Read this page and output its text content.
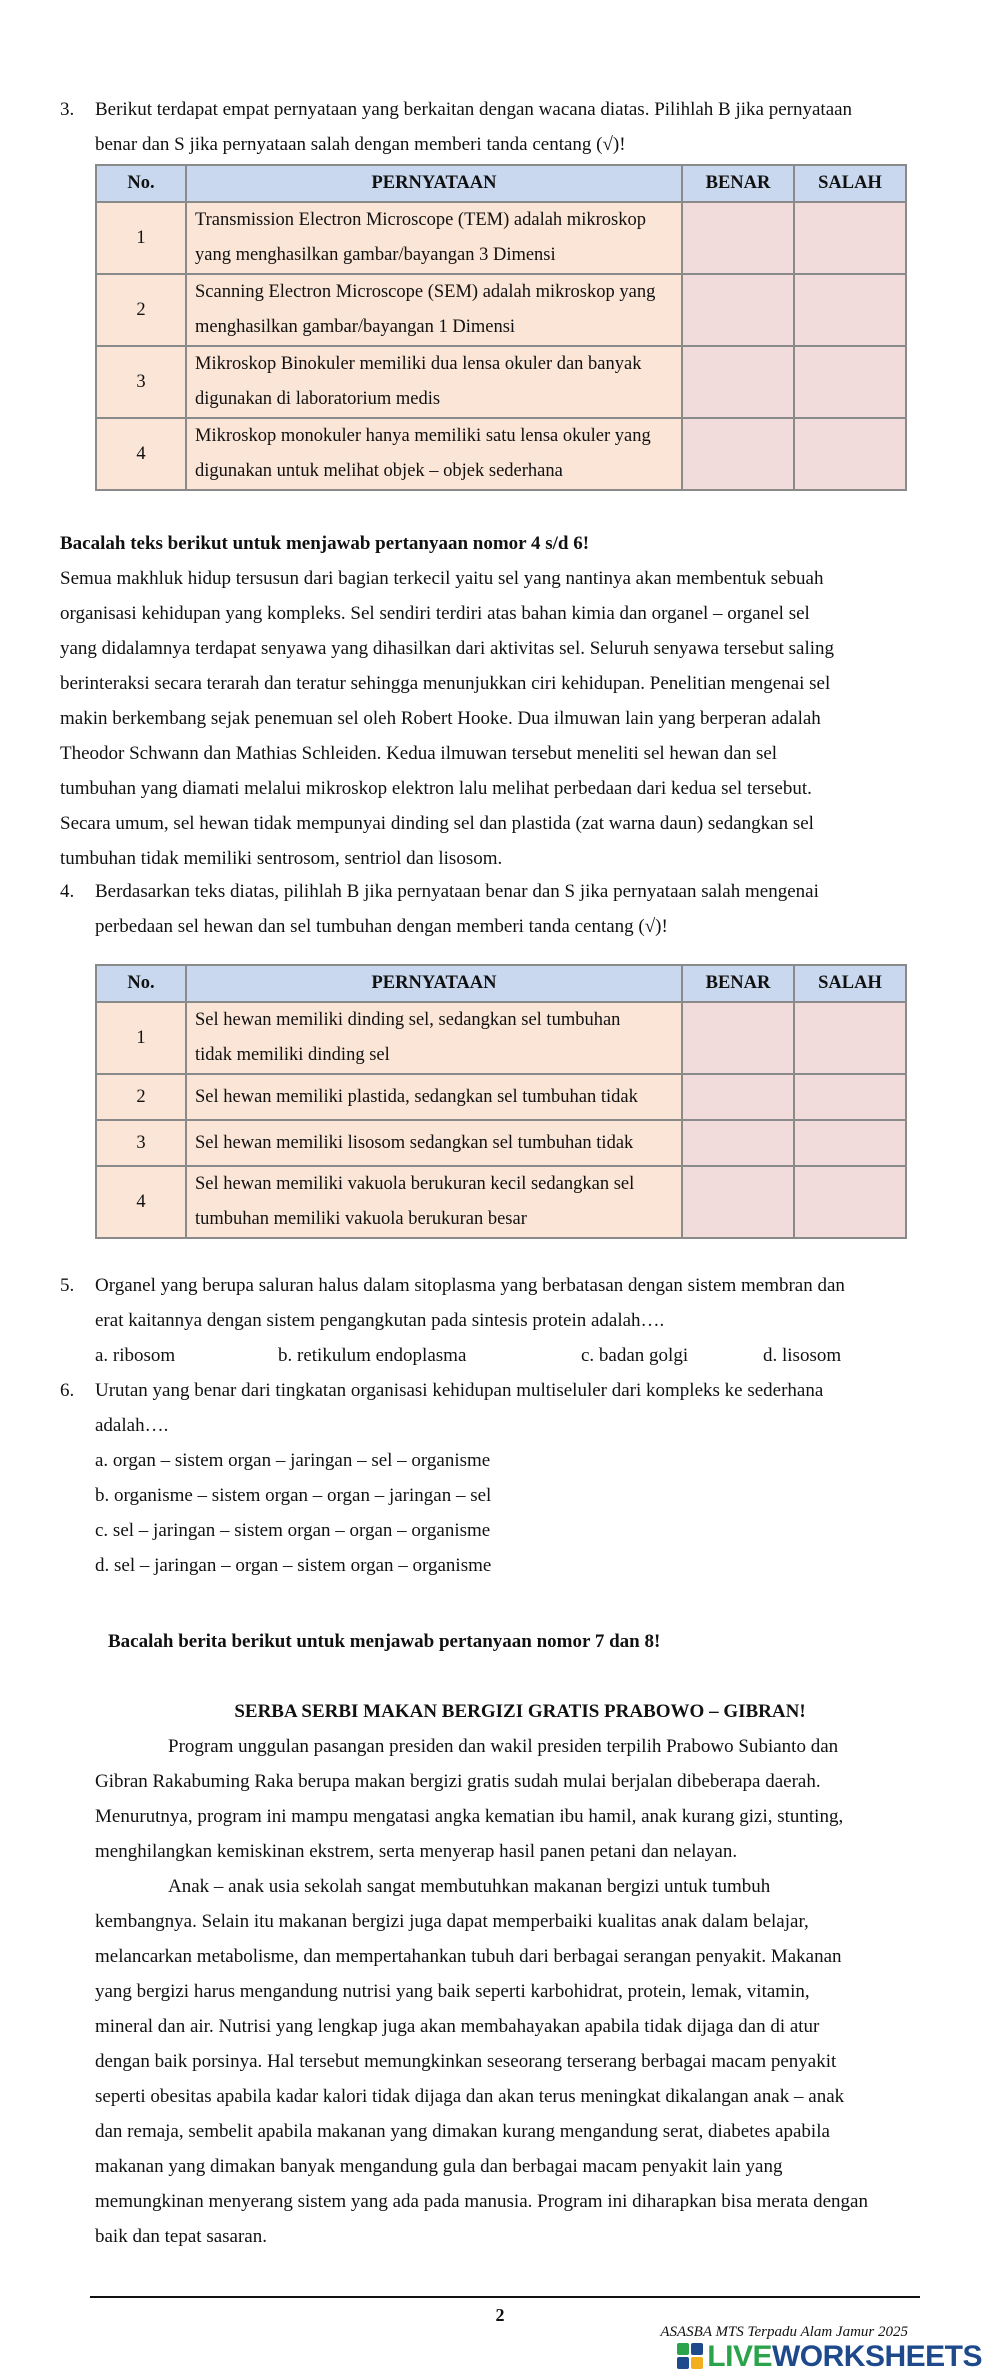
3.	Berikut terdapat empat pernyataan yang berkaitan dengan wacana diatas. Pilihlah B jika pernyataan
benar dan S jika pernyataan salah dengan memberi tanda centang (√)!
No.	PERNYATAAN	BENAR	SALAH
1	Transmission Electron Microscope (TEM) adalah mikroskop
yang menghasilkan gambar/bayangan 3 Dimensi		

2	Scanning Electron Microscope (SEM) adalah mikroskop yang
menghasilkan gambar/bayangan 1 Dimensi		

3	Mikroskop Binokuler memiliki dua lensa okuler dan banyak
digunakan di laboratorium medis		

4	Mikroskop monokuler hanya memiliki satu lensa okuler yang
digunakan untuk melihat objek – objek sederhana		

Bacalah teks berikut untuk menjawab pertanyaan nomor 4 s/d 6!
Semua makhluk hidup tersusun dari bagian terkecil yaitu sel yang nantinya akan membentuk sebuah
organisasi kehidupan yang kompleks. Sel sendiri terdiri atas bahan kimia dan organel – organel sel
yang didalamnya terdapat senyawa yang dihasilkan dari aktivitas sel. Seluruh senyawa tersebut saling
berinteraksi secara terarah dan teratur sehingga menunjukkan ciri kehidupan. Penelitian mengenai sel
makin berkembang sejak penemuan sel oleh Robert Hooke. Dua ilmuwan lain yang berperan adalah
Theodor Schwann dan Mathias Schleiden. Kedua ilmuwan tersebut meneliti sel hewan dan sel
tumbuhan yang diamati melalui mikroskop elektron lalu melihat perbedaan dari kedua sel tersebut.
Secara umum, sel hewan tidak mempunyai dinding sel dan plastida (zat warna daun) sedangkan sel
tumbuhan tidak memiliki sentrosom, sentriol dan lisosom.
4.	Berdasarkan teks diatas, pilihlah B jika pernyataan benar dan S jika pernyataan salah mengenai
perbedaan sel hewan dan sel tumbuhan dengan memberi tanda centang (√)!
No.	PERNYATAAN	BENAR	SALAH
1	Sel hewan memiliki dinding sel, sedangkan sel tumbuhan
tidak memiliki dinding sel		

2	Sel hewan memiliki plastida, sedangkan sel tumbuhan tidak		

3	Sel hewan memiliki lisosom sedangkan sel tumbuhan tidak		

4	Sel hewan memiliki vakuola berukuran kecil sedangkan sel
tumbuhan memiliki vakuola berukuran besar		

5.	Organel yang berupa saluran halus dalam sitoplasma yang berbatasan dengan sistem membran dan
erat kaitannya dengan sistem pengangkutan pada sintesis protein adalah….
a. ribosom	b. retikulum endoplasma	c. badan golgi	d. lisosom
6.	Urutan yang benar dari tingkatan organisasi kehidupan multiseluler dari kompleks ke sederhana
adalah….
a. organ – sistem organ – jaringan – sel – organisme
b. organisme – sistem organ – organ – jaringan – sel
c. sel – jaringan – sistem organ – organ – organisme
d. sel – jaringan – organ – sistem organ – organisme
Bacalah berita berikut untuk menjawab pertanyaan nomor 7 dan 8!
SERBA SERBI MAKAN BERGIZI GRATIS PRABOWO – GIBRAN!
Program unggulan pasangan presiden dan wakil presiden terpilih Prabowo Subianto dan
Gibran Rakabuming Raka berupa makan bergizi gratis sudah mulai berjalan dibeberapa daerah.
Menurutnya, program ini mampu mengatasi angka kematian ibu hamil, anak kurang gizi, stunting,
menghilangkan kemiskinan ekstrem, serta menyerap hasil panen petani dan nelayan.
Anak – anak usia sekolah sangat membutuhkan makanan bergizi untuk tumbuh
kembangnya. Selain itu makanan bergizi juga dapat memperbaiki kualitas anak dalam belajar,
melancarkan metabolisme, dan mempertahankan tubuh dari berbagai serangan penyakit. Makanan
yang bergizi harus mengandung nutrisi yang baik seperti karbohidrat, protein, lemak, vitamin,
mineral dan air. Nutrisi yang lengkap juga akan membahayakan apabila tidak dijaga dan di atur
dengan baik porsinya. Hal tersebut memungkinkan seseorang terserang berbagai macam penyakit
seperti obesitas apabila kadar kalori tidak dijaga dan akan terus meningkat dikalangan anak – anak
dan remaja, sembelit apabila makanan yang dimakan kurang mengandung serat, diabetes apabila
makanan yang dimakan banyak mengandung gula dan berbagai macam penyakit lain yang
memungkinan menyerang sistem yang ada pada manusia. Program ini diharapkan bisa merata dengan
baik dan tepat sasaran.
2
ASASBA MTS Terpadu Alam Jamur 2025
LIVEWORKSHEETS
